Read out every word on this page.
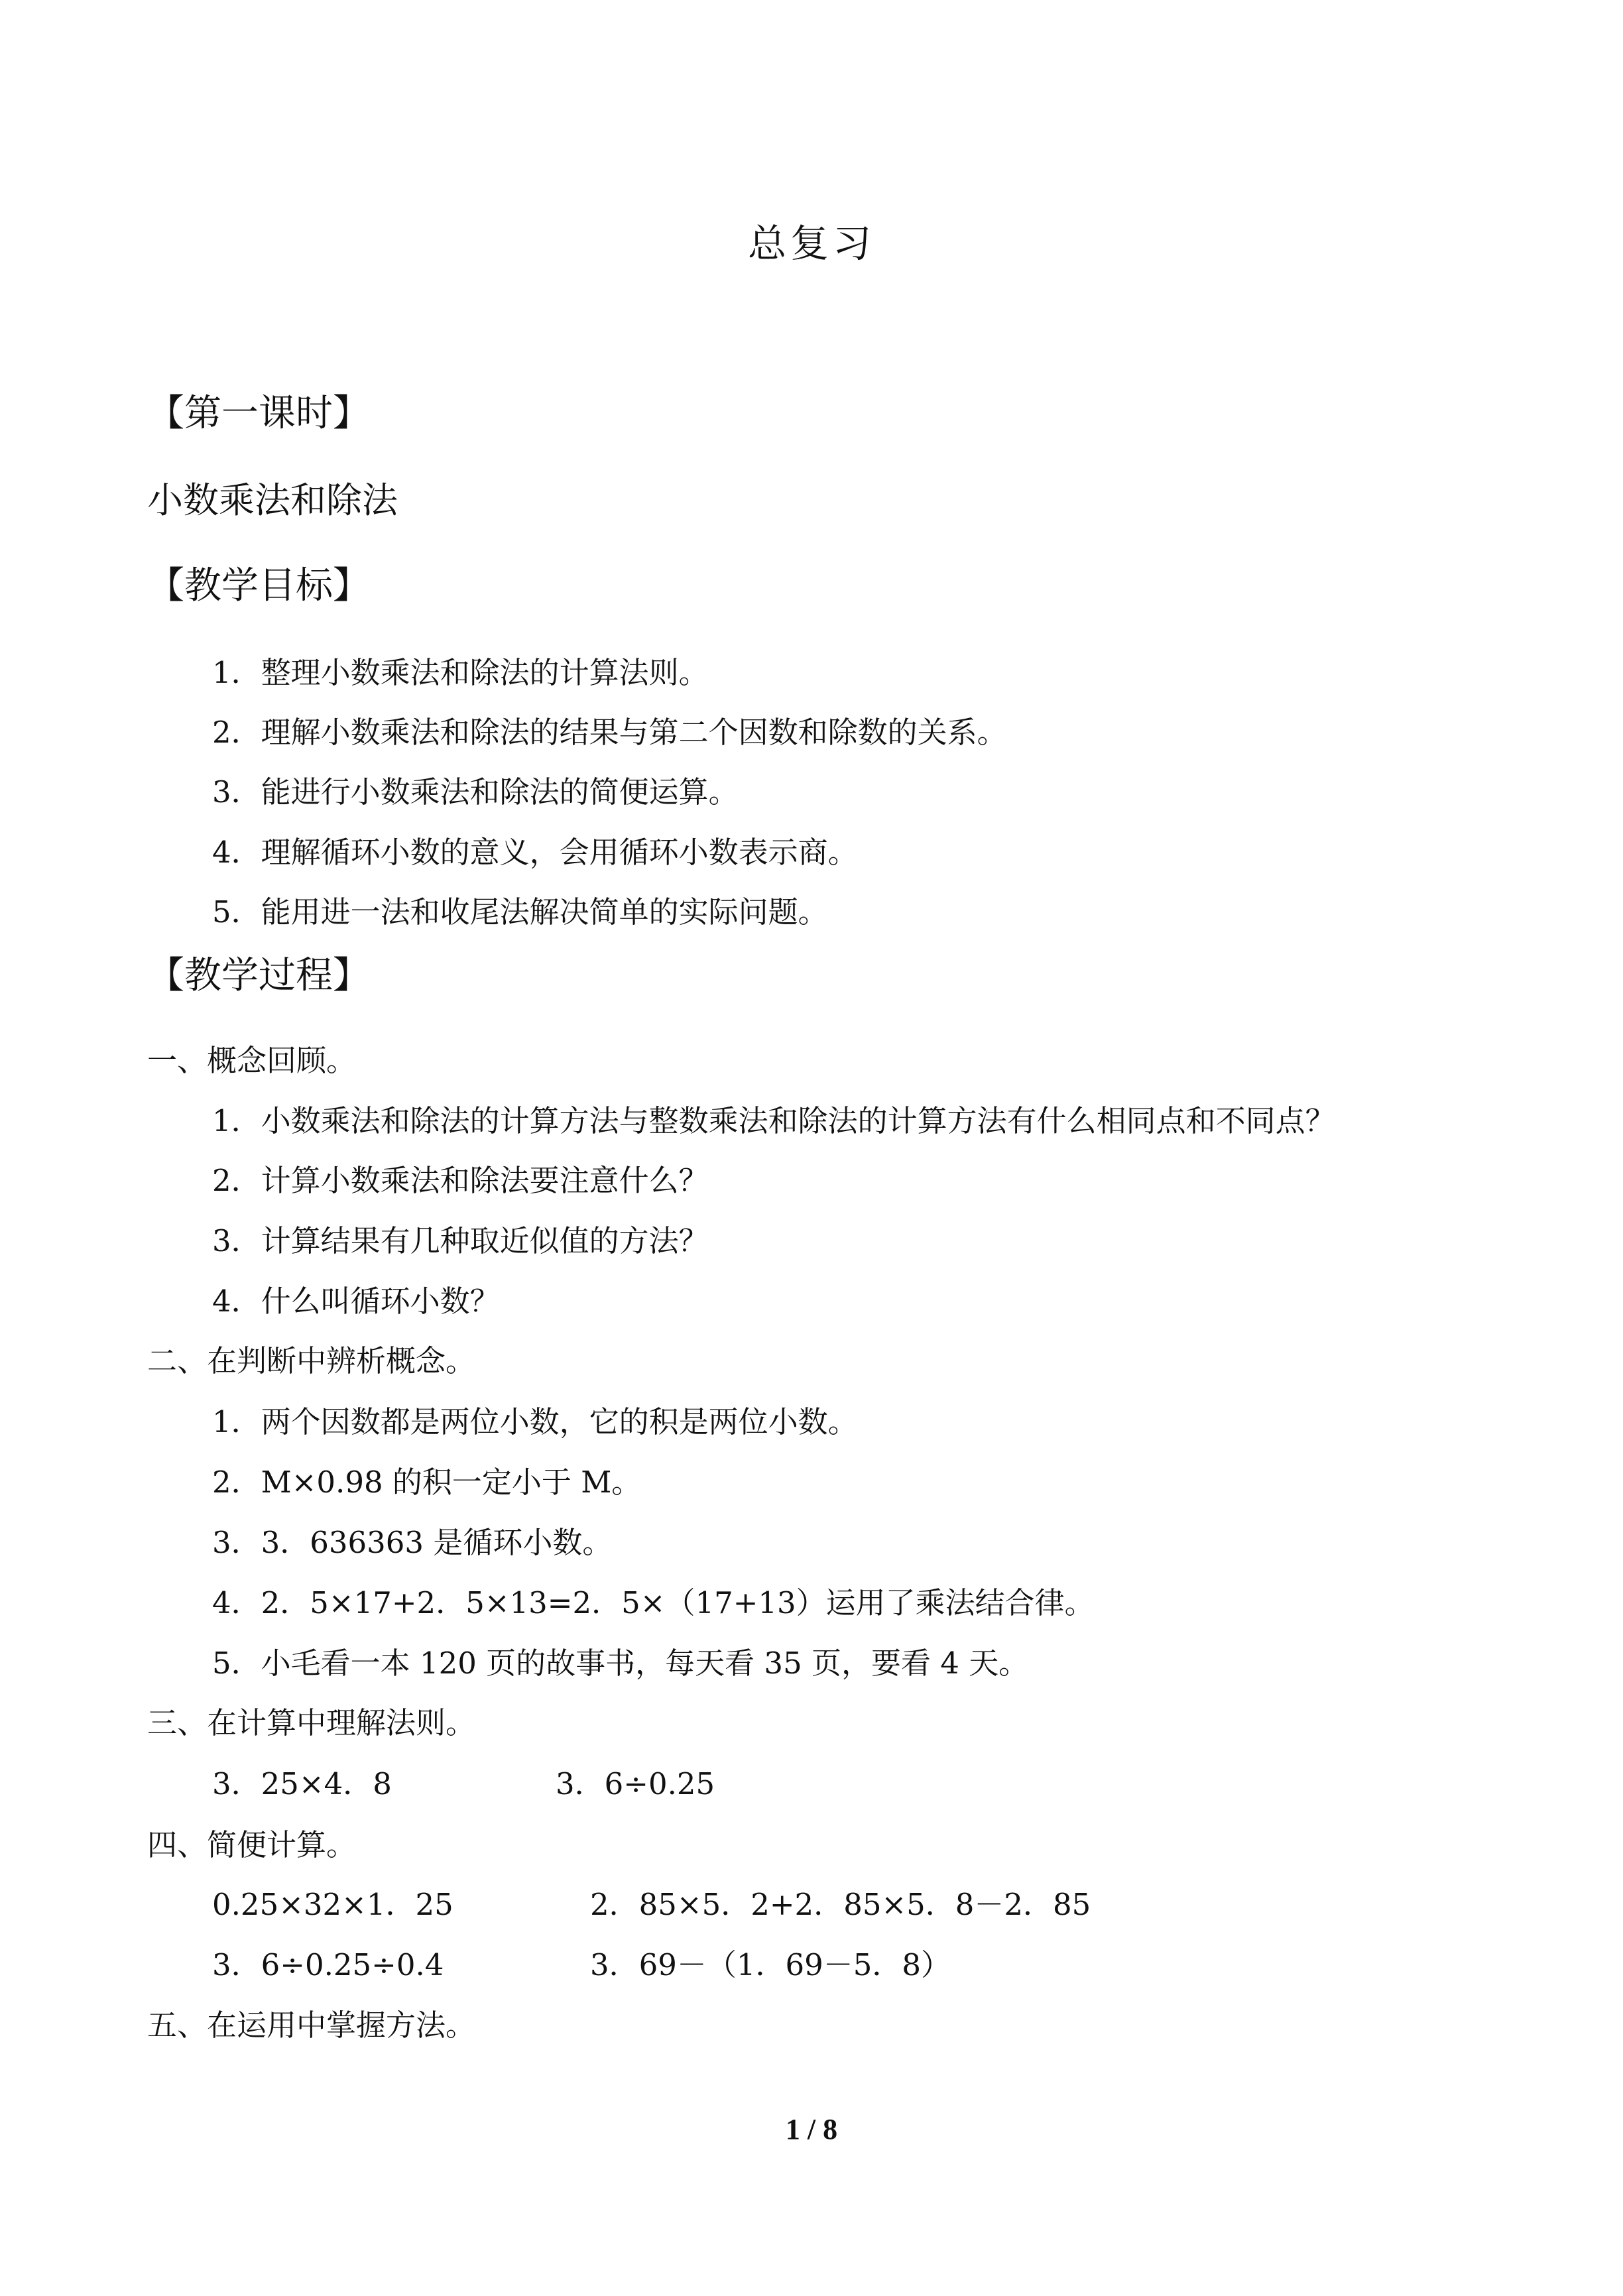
总复习
【第一课时】
小数乘法和除法
【教学目标】
1．整理小数乘法和除法的计算法则。
2．理解小数乘法和除法的结果与第二个因数和除数的关系。
3．能进行小数乘法和除法的简便运算。
4．理解循环小数的意义，会用循环小数表示商。
5．能用进一法和收尾法解决简单的实际问题。
【教学过程】
一、概念回顾。
1．小数乘法和除法的计算方法与整数乘法和除法的计算方法有什么相同点和不同点？
2．计算小数乘法和除法要注意什么？
3．计算结果有几种取近似值的方法？
4．什么叫循环小数？
二、在判断中辨析概念。
1．两个因数都是两位小数，它的积是两位小数。
2．M×0.98 的积一定小于 M。
3．3．636363 是循环小数。
4．2．5×17+2．5×13=2．5×（17+13）运用了乘法结合律。
5．小毛看一本 120 页的故事书，每天看 35 页，要看 4 天。
三、在计算中理解法则。
3．25×4．8	3．6÷0.25
四、简便计算。
0.25×32×1．25	2．85×5．2+2．85×5．8－2．85
3．6÷0.25÷0.4	3．69－（1．69－5．8）
五、在运用中掌握方法。
1 / 8
